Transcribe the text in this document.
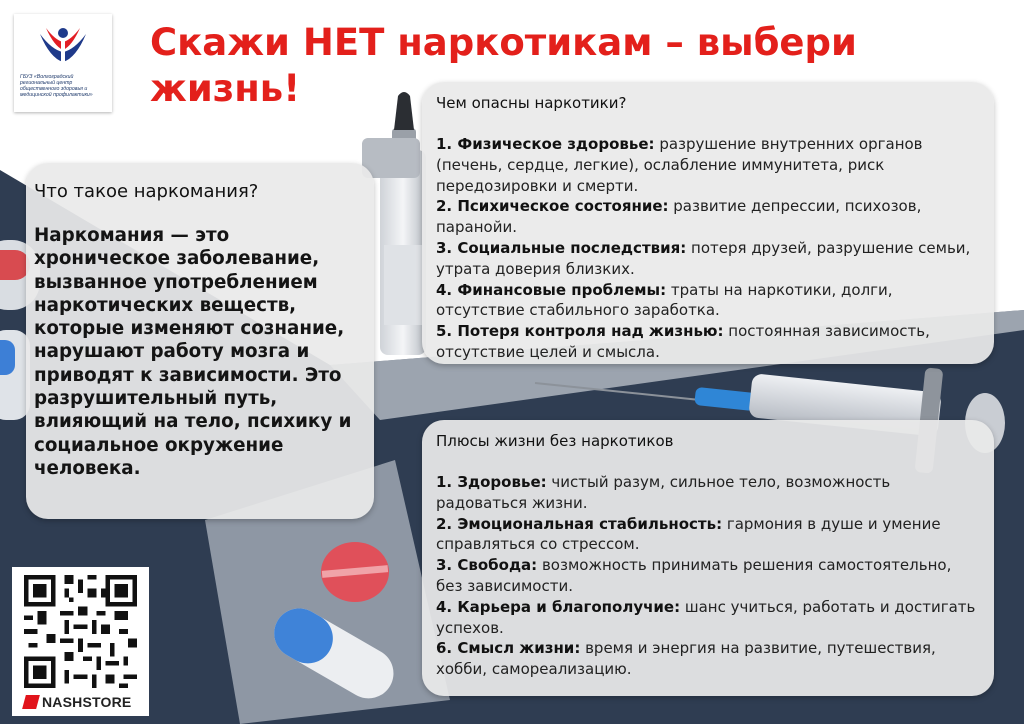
ГБУЗ «Волгоградский региональный центр общественного здоровья и медицинской профилактики»
Скажи НЕТ наркотикам – выбери жизнь!
Что такое наркомания?
Наркомания — это хроническое заболевание, вызванное употреблением наркотических веществ, которые изменяют сознание, нарушают работу мозга и приводят к зависимости. Это разрушительный путь, влияющий на тело, психику и социальное окружение человека.
Чем опасны наркотики?
1. Физическое здоровье: разрушение внутренних органов (печень, сердце, легкие), ослабление иммунитета, риск передозировки и смерти.
2. Психическое состояние: развитие депрессии, психозов, паранойи.
3. Социальные последствия: потеря друзей, разрушение семьи, утрата доверия близких.
4. Финансовые проблемы: траты на наркотики, долги, отсутствие стабильного заработка.
5. Потеря контроля над жизнью: постоянная зависимость, отсутствие целей и смысла.
Плюсы жизни без наркотиков
1. Здоровье: чистый разум, сильное тело, возможность радоваться жизни.
2. Эмоциональная стабильность: гармония в душе и умение справляться со стрессом.
3. Свобода: возможность принимать решения самостоятельно, без зависимости.
4. Карьера и благополучие: шанс учиться, работать и достигать успехов.
6. Смысл жизни: время и энергия на развитие, путешествия, хобби, самореализацию.
NASHSTORE
